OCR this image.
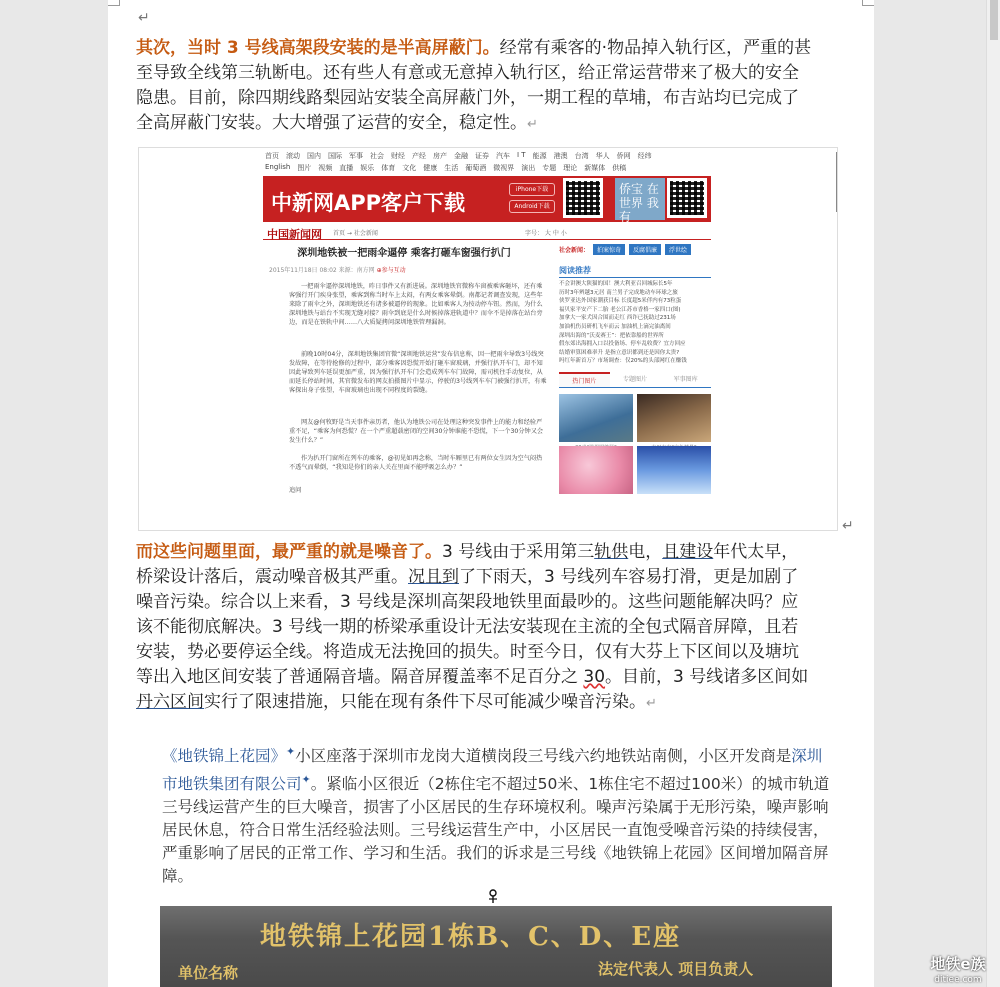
↵
其次，当时 3 号线高架段安装的是半高屏蔽门。经常有乘客的·物品掉入轨行区，严重的甚
至导致全线第三轨断电。还有些人有意或无意掉入轨行区，给正常运营带来了极大的安全
隐患。目前，除四期线路梨园站安装全高屏蔽门外，一期工程的草埔，布吉站均已完成了
全高屏蔽门安装。大大增强了运营的安全，稳定性。↵
首页 滚动 国内 国际 军事 社会 财经 产经 房产 金融 证券 汽车 I T 能源 港澳 台湾 华人 侨网 经纬
English 图片 视频 直播 娱乐 体育 文化 健康 生活 葡萄酒 微视界 演出 专题 理论 新媒体 供稿
中新网APP客户下载
iPhone下载
Android下载
侨宝 在世界 我有
中国新闻网 首页 → 社会新闻	字号： 大 中 小
深圳地铁被一把雨伞逼停 乘客打砸车窗强行扒门
2015年11月18日 08:02 来源：南方网 ⊕参与互动
一把雨伞逼停深圳地铁，昨日事件又有新进展。深圳地铁官微称车窗被乘客砸坏，还有乘客强行开门疾身张望，乘客到称当时车上太闷，有两女乘客晕倒。南都记者调查发现，这些年来除了雨伞之外，深圳地铁还有诸多被逼停的现象。比如乘客人为按动停车钮。然而，为什么深圳地铁与站台不实现无缝对接？雨伞到底是什么时候掉落进轨道中？而伞不是掉落在站台旁边，而是在铁轨中间……八大质疑拷问深圳地铁管理漏洞。
前晚10时04分，深圳地铁集团官微“深圳地铁运营”发布信息称，因一把雨伞导致3号线突发故障，在等待抢修的过程中，部分乘客因恐慌开始打砸车窗玻璃，并强行扒开车门，却不知因此导致列车延误更加严重，因为强行扒开车门会造成列车车门故障，需司机往手动复位，从而延长停站时间，其官微发布的网友拍摄图片中显示，停驶的3号线列车车门被强行扒开，有乘客探出身子张望，车窗玻璃也出现不同程度的裂缝。
网友@何牧野是当天事件亲历者，他认为地铁公司在处理这种突发事件上的能力和经验严重不足，“乘客为何恐慌？在一个严重超载密闭的空间30分钟谁能不恐慌，下一个30分钟又会发生什么？”
作为扒开门窗所在列车的乘客，@初见如再念称，当时车厢里已有两位女生因为空气闷热不透气而晕倒，“我知是你们的亲人关在里面不能呼吸怎么办？”
追问
社会新闻：	拍案惊奇	反腐倡廉	浮世绘
阅读推荐
不会讲澳大陕猫的国！澳大利亚召回城际长5年
历时3年辨越3元居 南兰男子完成地动车环球之旅
侠罗亚达外国家潮获目标 长度超5米伴内有73粒蛋
福贝家平安产下二胎 老公江苏市香格一家四口(图)
加拿大一家犬因合围而走红 西诈已抚助过231场
加油机伤员研机飞车而云 加油机上滴完油离间
深圳出海的“沃麦赛王”：把依靠船的世界所
假东郊出海拥入口以投备场、停车乱收费？宜方回应
结婚审算困难率升 是指立意识都到还是因你太贵?
吗红年新首万？市场调查：仅20%的头部网红在赚钱
热门图片	专题图片	军事图库
↵
而这些问题里面，最严重的就是噪音了。3 号线由于采用第三轨供电，且建设年代太早，
桥梁设计落后，震动噪音极其严重。况且到了下雨天，3 号线列车容易打滑，更是加剧了
噪音污染。综合以上来看，3 号线是深圳高架段地铁里面最吵的。这些问题能解决吗？应
该不能彻底解决。3 号线一期的桥梁承重设计无法安装现在主流的全包式隔音屏障，且若
安装，势必要停运全线。将造成无法挽回的损失。时至今日，仅有大芬上下区间以及塘坑
等出入地区间安装了普通隔音墙。隔音屏覆盖率不足百分之 30。目前，3 号线诸多区间如
丹六区间实行了限速措施，只能在现有条件下尽可能减少噪音污染。↵
《地铁锦上花园》✦小区座落于深圳市龙岗大道横岗段三号线六约地铁站南侧，小区开发商是深圳市地铁集团有限公司✦。紧临小区很近（2栋住宅不超过50米、1栋住宅不超过100米）的城市轨道三号线运营产生的巨大噪音，损害了小区居民的生存环境权利。噪声污染属于无形污染，噪声影响居民休息，符合日常生活经验法则。三号线运营生产中，小区居民一直饱受噪音污染的持续侵害，严重影响了居民的正常工作、学习和生活。我们的诉求是三号线《地铁锦上花园》区间增加隔音屏障。
地铁锦上花园1栋B、C、D、E座
单位名称	法定代表人 项目负责人	地铁e族
ditiee.com
